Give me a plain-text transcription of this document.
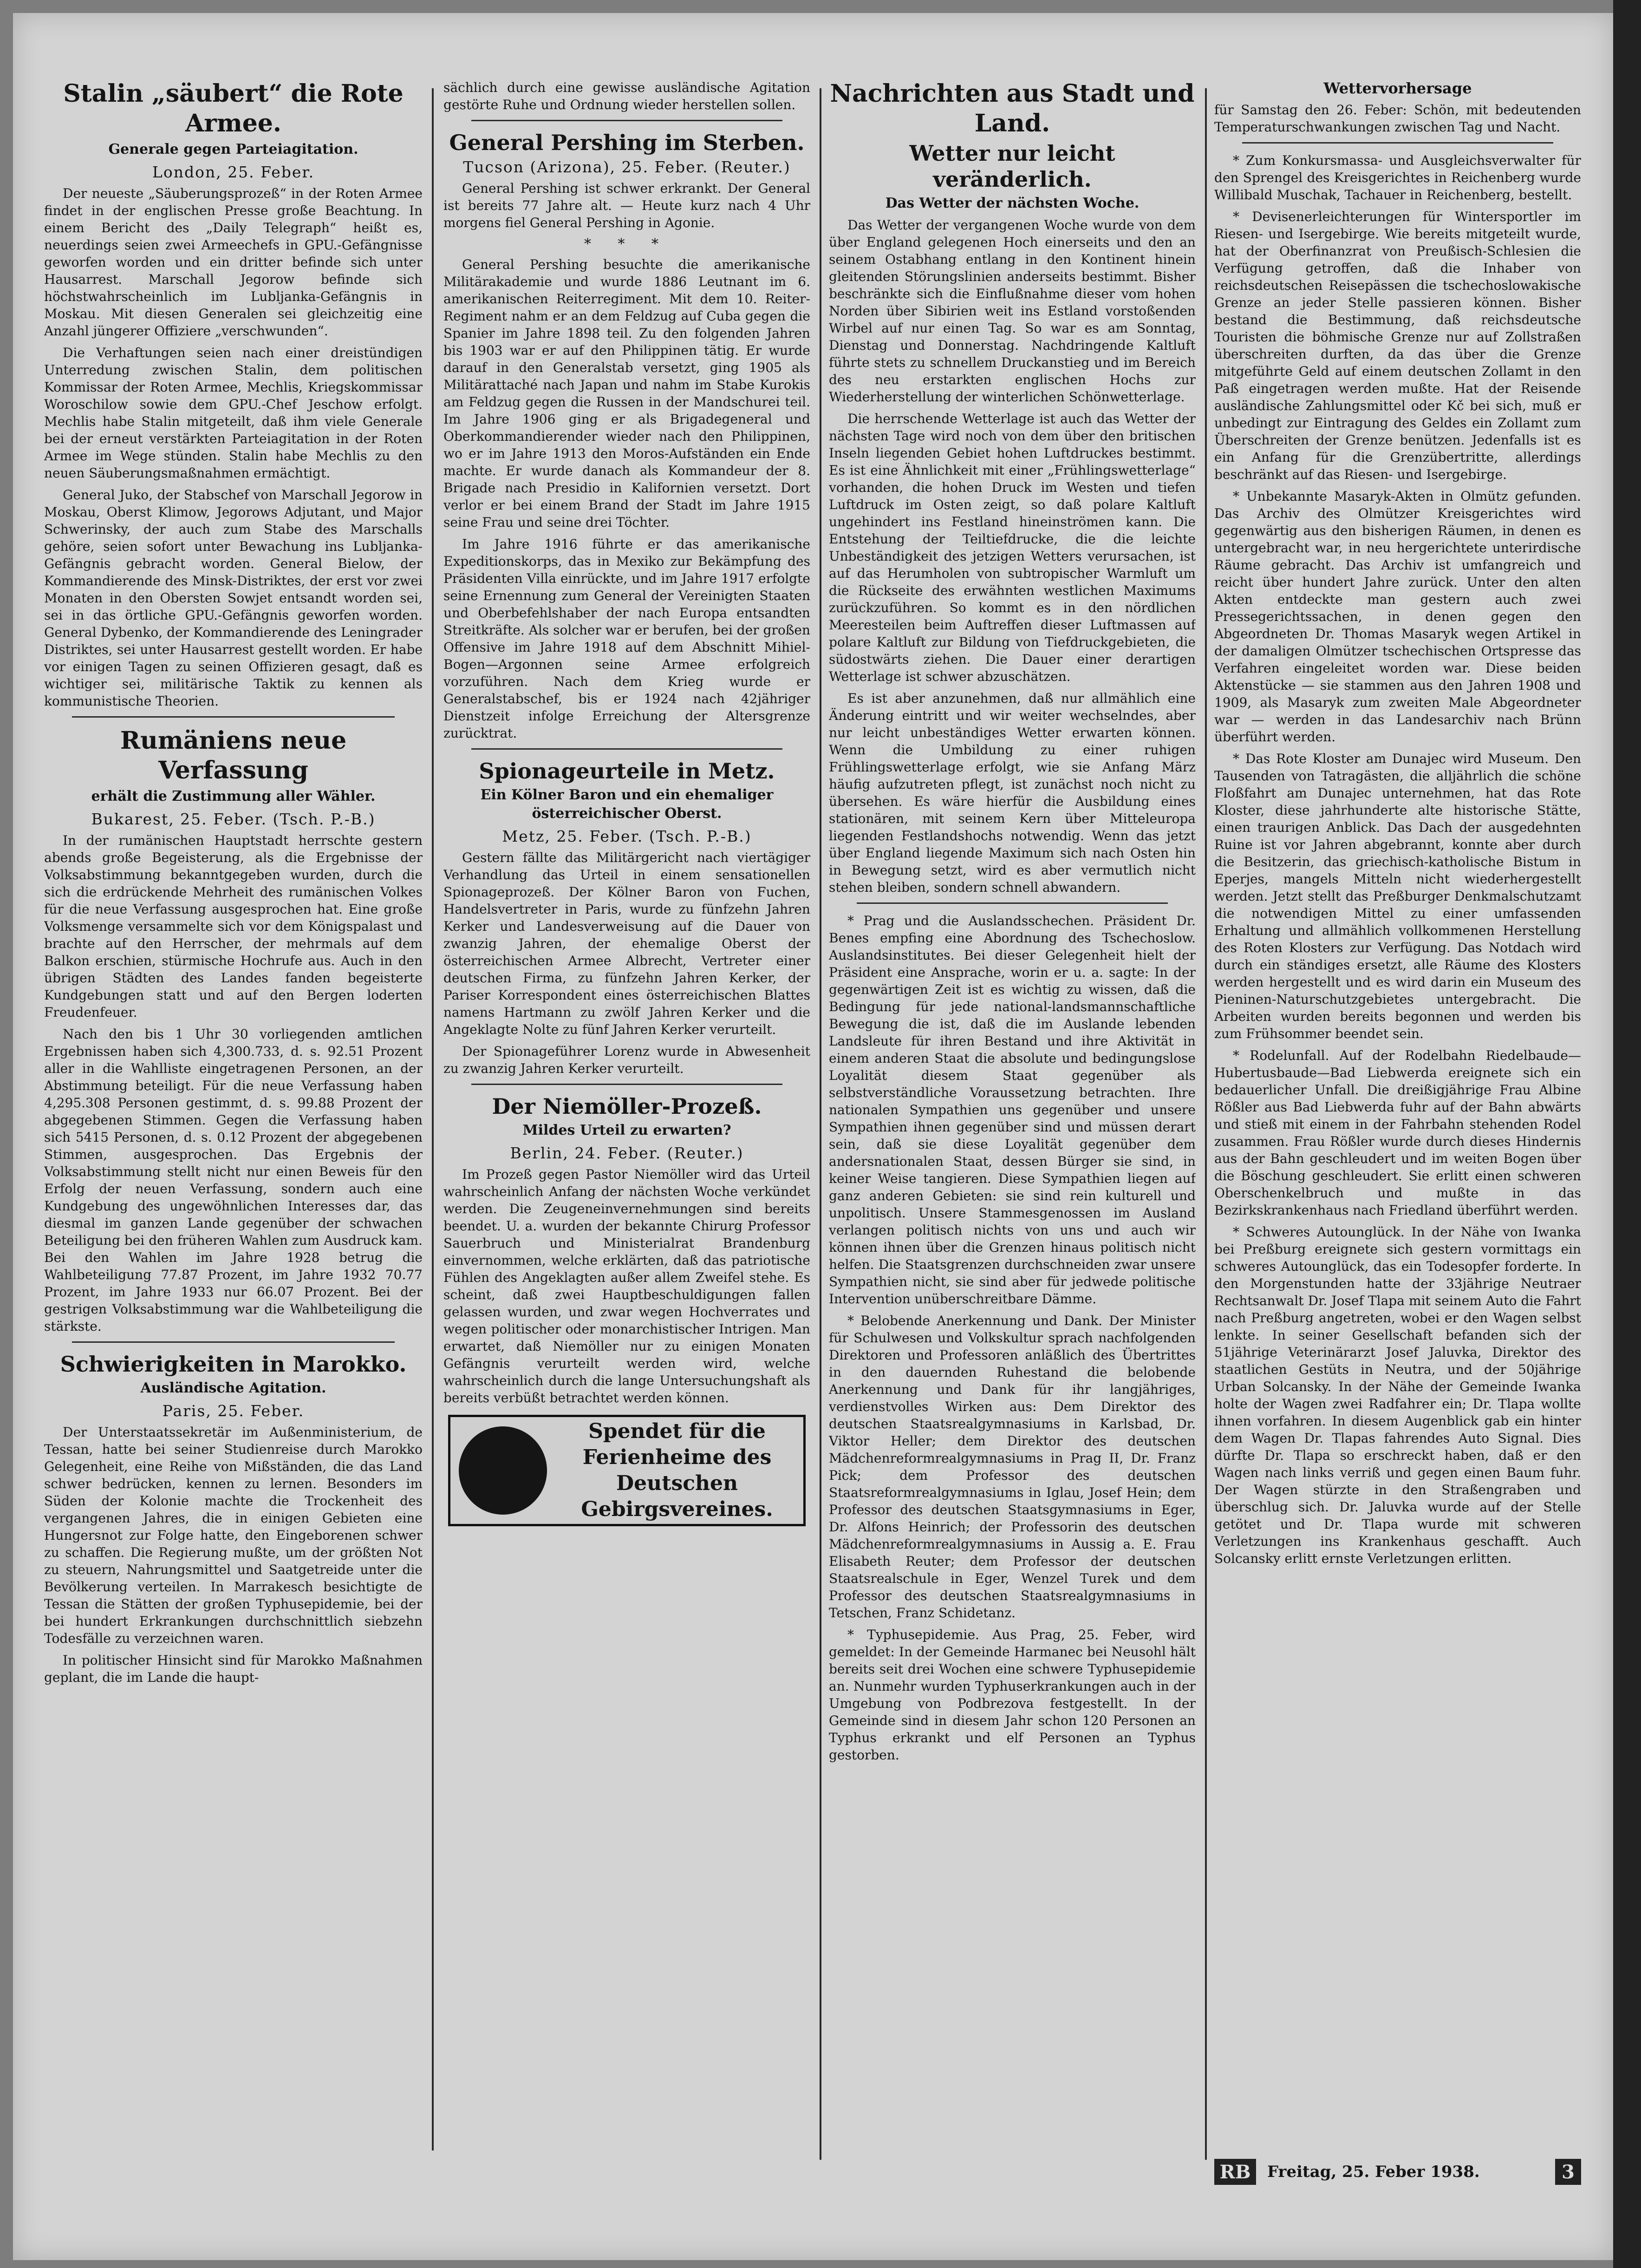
Stalin „säubert“ die Rote Armee.
Generale gegen Parteiagitation.
London, 25. Feber.

Der neueste „Säuberungsprozeß“ in der Roten Armee findet in der englischen Presse große Beachtung. In einem Bericht des „Daily Telegraph“ heißt es, neuerdings seien zwei Armeechefs in GPU.-Gefängnisse geworfen worden und ein dritter befinde sich unter Hausarrest. Marschall Jegorow befinde sich höchstwahrscheinlich im Lubljanka-Gefängnis in Moskau. Mit diesen Generalen sei gleichzeitig eine Anzahl jüngerer Offiziere „verschwunden“.

Die Verhaftungen seien nach einer dreistündigen Unterredung zwischen Stalin, dem politischen Kommissar der Roten Armee, Mechlis, Kriegskommissar Woroschilow sowie dem GPU.-Chef Jeschow erfolgt. Mechlis habe Stalin mitgeteilt, daß ihm viele Generale bei der erneut verstärkten Parteiagitation in der Roten Armee im Wege stünden. Stalin habe Mechlis zu den neuen Säuberungsmaßnahmen ermächtigt.

General Juko, der Stabschef von Marschall Jegorow in Moskau, Oberst Klimow, Jegorows Adjutant, und Major Schwerinsky, der auch zum Stabe des Marschalls gehöre, seien sofort unter Bewachung ins Lubljanka-Gefängnis gebracht worden. General Bielow, der Kommandierende des Minsk-Distriktes, der erst vor zwei Monaten in den Obersten Sowjet entsandt worden sei, sei in das örtliche GPU.-Gefängnis geworfen worden. General Dybenko, der Kommandierende des Leningrader Distriktes, sei unter Hausarrest gestellt worden. Er habe vor einigen Tagen zu seinen Offizieren gesagt, daß es wichtiger sei, militärische Taktik zu kennen als kommunistische Theorien.

Rumäniens neue Verfassung
erhält die Zustimmung aller Wähler.
Bukarest, 25. Feber. (Tsch. P.-B.)

In der rumänischen Hauptstadt herrschte gestern abends große Begeisterung, als die Ergebnisse der Volksabstimmung bekanntgegeben wurden, durch die sich die erdrückende Mehrheit des rumänischen Volkes für die neue Verfassung ausgesprochen hat. Eine große Volksmenge versammelte sich vor dem Königspalast und brachte auf den Herrscher, der mehrmals auf dem Balkon erschien, stürmische Hochrufe aus. Auch in den übrigen Städten des Landes fanden begeisterte Kundgebungen statt und auf den Bergen loderten Freudenfeuer.

Nach den bis 1 Uhr 30 vorliegenden amtlichen Ergebnissen haben sich 4,300.733, d. s. 92.51 Prozent aller in die Wahlliste eingetragenen Personen, an der Abstimmung beteiligt. Für die neue Verfassung haben 4,295.308 Personen gestimmt, d. s. 99.88 Prozent der abgegebenen Stimmen. Gegen die Verfassung haben sich 5415 Personen, d. s. 0.12 Prozent der abgegebenen Stimmen, ausgesprochen. Das Ergebnis der Volksabstimmung stellt nicht nur einen Beweis für den Erfolg der neuen Verfassung, sondern auch eine Kundgebung des ungewöhnlichen Interesses dar, das diesmal im ganzen Lande gegenüber der schwachen Beteiligung bei den früheren Wahlen zum Ausdruck kam. Bei den Wahlen im Jahre 1928 betrug die Wahlbeteiligung 77.87 Prozent, im Jahre 1932 70.77 Prozent, im Jahre 1933 nur 66.07 Prozent. Bei der gestrigen Volksabstimmung war die Wahlbeteiligung die stärkste.

Schwierigkeiten in Marokko.
Ausländische Agitation.
Paris, 25. Feber.

Der Unterstaatssekretär im Außenministerium, de Tessan, hatte bei seiner Studienreise durch Marokko Gelegenheit, eine Reihe von Mißständen, die das Land schwer bedrücken, kennen zu lernen. Besonders im Süden der Kolonie machte die Trockenheit des vergangenen Jahres, die in einigen Gebieten eine Hungersnot zur Folge hatte, den Eingeborenen schwer zu schaffen. Die Regierung mußte, um der größten Not zu steuern, Nahrungsmittel und Saatgetreide unter die Bevölkerung verteilen. In Marrakesch besichtigte de Tessan die Stätten der großen Typhusepidemie, bei der bei hundert Erkrankungen durchschnittlich siebzehn Todesfälle zu verzeichnen waren.

In politischer Hinsicht sind für Marokko Maßnahmen geplant, die im Lande die haupt-

sächlich durch eine gewisse ausländische Agitation gestörte Ruhe und Ordnung wieder herstellen sollen.

General Pershing im Sterben.
Tucson (Arizona), 25. Feber. (Reuter.)

General Pershing ist schwer erkrankt. Der General ist bereits 77 Jahre alt. — Heute kurz nach 4 Uhr morgens fiel General Pershing in Agonie.

* * *

General Pershing besuchte die amerikanische Militärakademie und wurde 1886 Leutnant im 6. amerikanischen Reiterregiment. Mit dem 10. Reiter-Regiment nahm er an dem Feldzug auf Cuba gegen die Spanier im Jahre 1898 teil. Zu den folgenden Jahren bis 1903 war er auf den Philippinen tätig. Er wurde darauf in den Generalstab versetzt, ging 1905 als Militärattaché nach Japan und nahm im Stabe Kurokis am Feldzug gegen die Russen in der Mandschurei teil. Im Jahre 1906 ging er als Brigadegeneral und Oberkommandierender wieder nach den Philippinen, wo er im Jahre 1913 den Moros-Aufständen ein Ende machte. Er wurde danach als Kommandeur der 8. Brigade nach Presidio in Kalifornien versetzt. Dort verlor er bei einem Brand der Stadt im Jahre 1915 seine Frau und seine drei Töchter.

Im Jahre 1916 führte er das amerikanische Expeditionskorps, das in Mexiko zur Bekämpfung des Präsidenten Villa einrückte, und im Jahre 1917 erfolgte seine Ernennung zum General der Vereinigten Staaten und Oberbefehlshaber der nach Europa entsandten Streitkräfte. Als solcher war er berufen, bei der großen Offensive im Jahre 1918 auf dem Abschnitt Mihiel-Bogen—Argonnen seine Armee erfolgreich vorzuführen. Nach dem Krieg wurde er Generalstabschef, bis er 1924 nach 42jähriger Dienstzeit infolge Erreichung der Altersgrenze zurücktrat.

Spionageurteile in Metz.
Ein Kölner Baron und ein ehemaliger österreichischer Oberst.
Metz, 25. Feber. (Tsch. P.-B.)

Gestern fällte das Militärgericht nach viertägiger Verhandlung das Urteil in einem sensationellen Spionageprozeß. Der Kölner Baron von Fuchen, Handelsvertreter in Paris, wurde zu fünfzehn Jahren Kerker und Landesverweisung auf die Dauer von zwanzig Jahren, der ehemalige Oberst der österreichischen Armee Albrecht, Vertreter einer deutschen Firma, zu fünfzehn Jahren Kerker, der Pariser Korrespondent eines österreichischen Blattes namens Hartmann zu zwölf Jahren Kerker und die Angeklagte Nolte zu fünf Jahren Kerker verurteilt.

Der Spionageführer Lorenz wurde in Abwesenheit zu zwanzig Jahren Kerker verurteilt.

Der Niemöller-Prozeß.
Mildes Urteil zu erwarten?
Berlin, 24. Feber. (Reuter.)

Im Prozeß gegen Pastor Niemöller wird das Urteil wahrscheinlich Anfang der nächsten Woche verkündet werden. Die Zeugeneinvernehmungen sind bereits beendet. U. a. wurden der bekannte Chirurg Professor Sauerbruch und Ministerialrat Brandenburg einvernommen, welche erklärten, daß das patriotische Fühlen des Angeklagten außer allem Zweifel stehe. Es scheint, daß zwei Hauptbeschuldigungen fallen gelassen wurden, und zwar wegen Hochverrates und wegen politischer oder monarchistischer Intrigen. Man erwartet, daß Niemöller nur zu einigen Monaten Gefängnis verurteilt werden wird, welche wahrscheinlich durch die lange Untersuchungshaft als bereits verbüßt betrachtet werden können.

Spendet für die Ferienheime des Deutschen Gebirgsvereines.
Nachrichten aus Stadt und Land.
Wetter nur leicht veränderlich.
Das Wetter der nächsten Woche.

Das Wetter der vergangenen Woche wurde von dem über England gelegenen Hoch einerseits und den an seinem Ostabhang entlang in den Kontinent hinein gleitenden Störungslinien anderseits bestimmt. Bisher beschränkte sich die Einflußnahme dieser vom hohen Norden über Sibirien weit ins Estland vorstoßenden Wirbel auf nur einen Tag. So war es am Sonntag, Dienstag und Donnerstag. Nachdringende Kaltluft führte stets zu schnellem Druckanstieg und im Bereich des neu erstarkten englischen Hochs zur Wiederherstellung der winterlichen Schönwetterlage.

Die herrschende Wetterlage ist auch das Wetter der nächsten Tage wird noch von dem über den britischen Inseln liegenden Gebiet hohen Luftdruckes bestimmt. Es ist eine Ähnlichkeit mit einer „Frühlingswetterlage“ vorhanden, die hohen Druck im Westen und tiefen Luftdruck im Osten zeigt, so daß polare Kaltluft ungehindert ins Festland hineinströmen kann. Die Entstehung der Teiltiefdrucke, die die leichte Unbeständigkeit des jetzigen Wetters verursachen, ist auf das Herumholen von subtropischer Warmluft um die Rückseite des erwähnten westlichen Maximums zurückzuführen. So kommt es in den nördlichen Meeresteilen beim Auftreffen dieser Luftmassen auf polare Kaltluft zur Bildung von Tiefdruckgebieten, die südostwärts ziehen. Die Dauer einer derartigen Wetterlage ist schwer abzuschätzen.

Es ist aber anzunehmen, daß nur allmählich eine Änderung eintritt und wir weiter wechselndes, aber nur leicht unbeständiges Wetter erwarten können. Wenn die Umbildung zu einer ruhigen Frühlingswetterlage erfolgt, wie sie Anfang März häufig aufzutreten pflegt, ist zunächst noch nicht zu übersehen. Es wäre hierfür die Ausbildung eines stationären, mit seinem Kern über Mitteleuropa liegenden Festlandshochs notwendig. Wenn das jetzt über England liegende Maximum sich nach Osten hin in Bewegung setzt, wird es aber vermutlich nicht stehen bleiben, sondern schnell abwandern.

* Prag und die Auslandsschechen. Präsident Dr. Benes empfing eine Abordnung des Tschechoslow. Auslandsinstitutes. Bei dieser Gelegenheit hielt der Präsident eine Ansprache, worin er u. a. sagte: In der gegenwärtigen Zeit ist es wichtig zu wissen, daß die Bedingung für jede national-landsmannschaftliche Bewegung die ist, daß die im Auslande lebenden Landsleute für ihren Bestand und ihre Aktivität in einem anderen Staat die absolute und bedingungslose Loyalität diesem Staat gegenüber als selbstverständliche Voraussetzung betrachten. Ihre nationalen Sympathien uns gegenüber und unsere Sympathien ihnen gegenüber sind und müssen derart sein, daß sie diese Loyalität gegenüber dem andersnationalen Staat, dessen Bürger sie sind, in keiner Weise tangieren. Diese Sympathien liegen auf ganz anderen Gebieten: sie sind rein kulturell und unpolitisch. Unsere Stammesgenossen im Ausland verlangen politisch nichts von uns und auch wir können ihnen über die Grenzen hinaus politisch nicht helfen. Die Staatsgrenzen durchschneiden zwar unsere Sympathien nicht, sie sind aber für jedwede politische Intervention unüberschreitbare Dämme.

* Belobende Anerkennung und Dank. Der Minister für Schulwesen und Volkskultur sprach nachfolgenden Direktoren und Professoren anläßlich des Übertrittes in den dauernden Ruhestand die belobende Anerkennung und Dank für ihr langjähriges, verdienstvolles Wirken aus: Dem Direktor des deutschen Staatsrealgymnasiums in Karlsbad, Dr. Viktor Heller; dem Direktor des deutschen Mädchenreformrealgymnasiums in Prag II, Dr. Franz Pick; dem Professor des deutschen Staatsreformrealgymnasiums in Iglau, Josef Hein; dem Professor des deutschen Staatsgymnasiums in Eger, Dr. Alfons Heinrich; der Professorin des deutschen Mädchenreformrealgymnasiums in Aussig a. E. Frau Elisabeth Reuter; dem Professor der deutschen Staatsrealschule in Eger, Wenzel Turek und dem Professor des deutschen Staatsrealgymnasiums in Tetschen, Franz Schidetanz.

* Typhusepidemie. Aus Prag, 25. Feber, wird gemeldet: In der Gemeinde Harmanec bei Neusohl hält bereits seit drei Wochen eine schwere Typhusepidemie an. Nunmehr wurden Typhuserkrankungen auch in der Umgebung von Podbrezova festgestellt. In der Gemeinde sind in diesem Jahr schon 120 Personen an Typhus erkrankt und elf Personen an Typhus gestorben.

Wettervorhersage

für Samstag den 26. Feber: Schön, mit bedeutenden Temperaturschwankungen zwischen Tag und Nacht.

* Zum Konkursmassa- und Ausgleichsverwalter für den Sprengel des Kreisgerichtes in Reichenberg wurde Willibald Muschak, Tachauer in Reichenberg, bestellt.

* Devisenerleichterungen für Wintersportler im Riesen- und Isergebirge. Wie bereits mitgeteilt wurde, hat der Oberfinanzrat von Preußisch-Schlesien die Verfügung getroffen, daß die Inhaber von reichsdeutschen Reisepässen die tschechoslowakische Grenze an jeder Stelle passieren können. Bisher bestand die Bestimmung, daß reichsdeutsche Touristen die böhmische Grenze nur auf Zollstraßen überschreiten durften, da das über die Grenze mitgeführte Geld auf einem deutschen Zollamt in den Paß eingetragen werden mußte. Hat der Reisende ausländische Zahlungsmittel oder Kč bei sich, muß er unbedingt zur Eintragung des Geldes ein Zollamt zum Überschreiten der Grenze benützen. Jedenfalls ist es ein Anfang für die Grenzübertritte, allerdings beschränkt auf das Riesen- und Isergebirge.

* Unbekannte Masaryk-Akten in Olmütz gefunden. Das Archiv des Olmützer Kreisgerichtes wird gegenwärtig aus den bisherigen Räumen, in denen es untergebracht war, in neu hergerichtete unterirdische Räume gebracht. Das Archiv ist umfangreich und reicht über hundert Jahre zurück. Unter den alten Akten entdeckte man gestern auch zwei Pressegerichtssachen, in denen gegen den Abgeordneten Dr. Thomas Masaryk wegen Artikel in der damaligen Olmützer tschechischen Ortspresse das Verfahren eingeleitet worden war. Diese beiden Aktenstücke — sie stammen aus den Jahren 1908 und 1909, als Masaryk zum zweiten Male Abgeordneter war — werden in das Landesarchiv nach Brünn überführt werden.

* Das Rote Kloster am Dunajec wird Museum. Den Tausenden von Tatragästen, die alljährlich die schöne Floßfahrt am Dunajec unternehmen, hat das Rote Kloster, diese jahrhunderte alte historische Stätte, einen traurigen Anblick. Das Dach der ausgedehnten Ruine ist vor Jahren abgebrannt, konnte aber durch die Besitzerin, das griechisch-katholische Bistum in Eperjes, mangels Mitteln nicht wiederhergestellt werden. Jetzt stellt das Preßburger Denkmalschutzamt die notwendigen Mittel zu einer umfassenden Erhaltung und allmählich vollkommenen Herstellung des Roten Klosters zur Verfügung. Das Notdach wird durch ein ständiges ersetzt, alle Räume des Klosters werden hergestellt und es wird darin ein Museum des Pieninen-Naturschutzgebietes untergebracht. Die Arbeiten wurden bereits begonnen und werden bis zum Frühsommer beendet sein.

* Rodelunfall. Auf der Rodelbahn Riedelbaude—Hubertusbaude—Bad Liebwerda ereignete sich ein bedauerlicher Unfall. Die dreißigjährige Frau Albine Rößler aus Bad Liebwerda fuhr auf der Bahn abwärts und stieß mit einem in der Fahrbahn stehenden Rodel zusammen. Frau Rößler wurde durch dieses Hindernis aus der Bahn geschleudert und im weiten Bogen über die Böschung geschleudert. Sie erlitt einen schweren Oberschenkelbruch und mußte in das Bezirkskrankenhaus nach Friedland überführt werden.

* Schweres Autounglück. In der Nähe von Iwanka bei Preßburg ereignete sich gestern vormittags ein schweres Autounglück, das ein Todesopfer forderte. In den Morgenstunden hatte der 33jährige Neutraer Rechtsanwalt Dr. Josef Tlapa mit seinem Auto die Fahrt nach Preßburg angetreten, wobei er den Wagen selbst lenkte. In seiner Gesellschaft befanden sich der 51jährige Veterinärarzt Josef Jaluvka, Direktor des staatlichen Gestüts in Neutra, und der 50jährige Urban Solcansky. In der Nähe der Gemeinde Iwanka holte der Wagen zwei Radfahrer ein; Dr. Tlapa wollte ihnen vorfahren. In diesem Augenblick gab ein hinter dem Wagen Dr. Tlapas fahrendes Auto Signal. Dies dürfte Dr. Tlapa so erschreckt haben, daß er den Wagen nach links verriß und gegen einen Baum fuhr. Der Wagen stürzte in den Straßengraben und überschlug sich. Dr. Jaluvka wurde auf der Stelle getötet und Dr. Tlapa wurde mit schweren Verletzungen ins Krankenhaus geschafft. Auch Solcansky erlitt ernste Verletzungen erlitten.

RB	Freitag, 25. Feber 1938.	3
